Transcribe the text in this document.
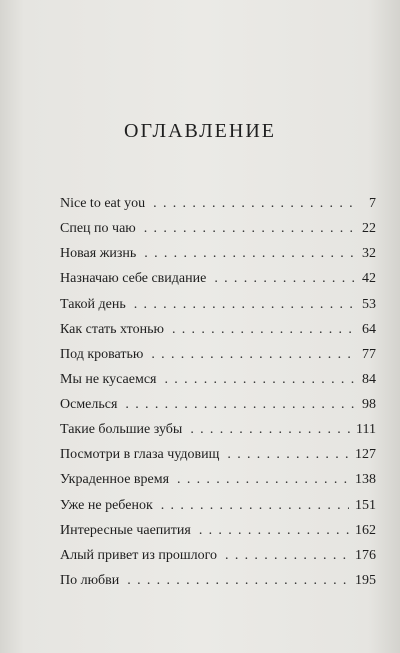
ОГЛАВЛЕНИЕ
Nice to eat you . . .	7
Спец по чаю . . .	22
Новая жизнь . . .	32
Назначаю себе свидание . . .	42
Такой день . . .	53
Как стать хтонью . . .	64
Под кроватью . . .	77
Мы не кусаемся . . .	84
Осмелься . . .	98
Такие большие зубы . . .	111
Посмотри в глаза чудовищ . . .	127
Украденное время . . .	138
Уже не ребенок . . .	151
Интересные чаепития . . .	162
Алый привет из прошлого . . .	176
По любви . . .	195
